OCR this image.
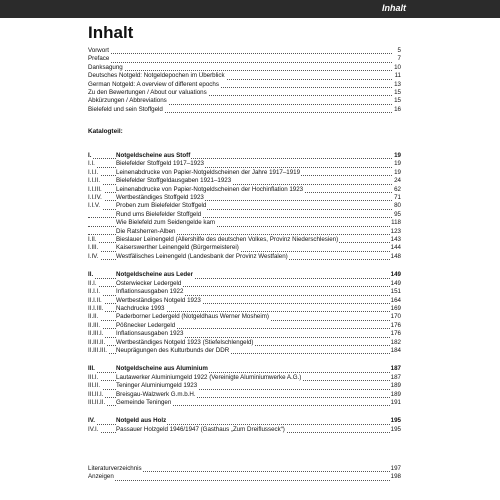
Inhalt
Inhalt
Vorwort	5
Preface	7
Danksagung	10
Deutsches Notgeld: Notgeldepochen im Überblick	11
German Notgeld: A overview of different epochs	13
Zu den Bewertungen / About our valuations	15
Abkürzungen / Abbreviations	15
Bielefeld und sein Stoffgeld	16
Katalogteil:
I.	Notgeldscheine aus Stoff	19
I.I.	Bielefelder Stoffgeld 1917–1923	19
I.I.I.	Leinenabdrucke von Papier-Notgeldscheinen der Jahre 1917–1919	19
I.I.II.	Bielefelder Stoffgeldausgaben 1921–1923	24
I.I.III.	Leinenabdrucke von Papier-Notgeldscheinen der Hochinflation 1923	62
I.I.IV.	Wertbeständiges Stoffgeld 1923	71
I.I.V.	Proben zum Bielefelder Stoffgeld	80
Rund ums Bielefelder Stoffgeld	95
Wie Bielefeld zum Seidengelde kam	118
Die Ratsherren-Alben	123
I.II.	Bieslauer Leinengeld (Allershilfe des deutschen Volkes, Provinz Niederschlesien)	143
I.III.	Kaiserswerther Leinengeld (Bürgermeisterei)	144
I.IV.	Westfälisches Leinengeld (Landesbank der Provinz Westfalen)	148
II.	Notgeldscheine aus Leder	149
II.I.	Osterwiecker Ledergeld	149
II.I.I.	Inflationsausgaben 1922	151
II.I.II.	Wertbeständiges Notgeld 1923	164
II.I.III.	Nachdrucke 1993	169
II.II.	Paderborner Ledergeld (Notgeldhaus Werner Mosheim)	170
II.III.	Pößnecker Ledergeld	176
II.III.I.	Inflationsausgaben 1923	176
II.III.II.	Wertbeständiges Notgeld 1923 (Stiefelschlengeld)	182
II.III.III.	Neuprägungen des Kulturbunds der DDR	184
III.	Notgeldscheine aus Aluminium	187
III.I.	Lautawerker Aluminiumgeld 1922 (Vereinigte Aluminiumwerke A.G.)	187
III.II.	Teninger Aluminiumgeld 1923	189
III.II.I.	Breisgau-Walzwerk G.m.b.H.	189
III.II.II.	Gemeinde Teningen	191
IV.	Notgeld aus Holz	195
IV.I.	Passauer Holzgeld 1946/1947 (Gasthaus „Zum Dreiflusseck“)	195
Literaturverzeichnis	197
Anzeigen	198
